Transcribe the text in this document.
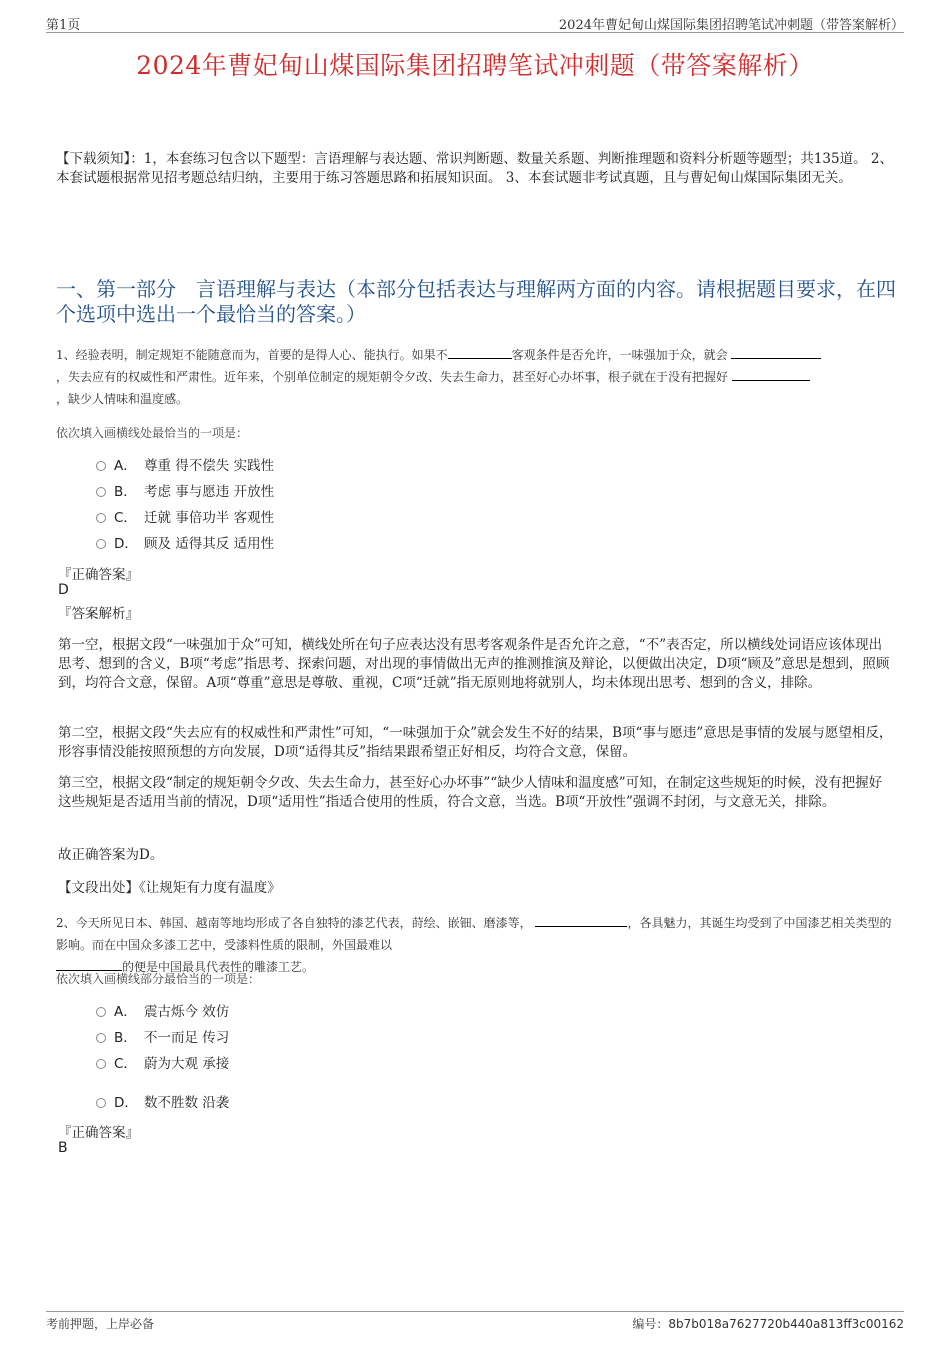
第1页	2024年曹妃甸山煤国际集团招聘笔试冲刺题（带答案解析）
2024年曹妃甸山煤国际集团招聘笔试冲刺题（带答案解析）
【下载须知】：1，本套练习包含以下题型：言语理解与表达题、常识判断题、数量关系题、判断推理题和资料分析题等题型；共135道。 2、本套试题根据常见招考题总结归纳，主要用于练习答题思路和拓展知识面。 3、本套试题非考试真题，且与曹妃甸山煤国际集团无关。
一、第一部分　言语理解与表达（本部分包括表达与理解两方面的内容。请根据题目要求，在四个选项中选出一个最恰当的答案。）
1、经验表明，制定规矩不能随意而为，首要的是得人心、能执行。如果不	客观条件是否允许，一味强加于众，就会
，失去应有的权威性和严肃性。近年来，个别单位制定的规矩朝令夕改、失去生命力，甚至好心办坏事，根子就在于没有把握好
，缺少人情味和温度感。
依次填入画横线处最恰当的一项是：
A． 尊重 得不偿失 实践性
B． 考虑 事与愿违 开放性
C． 迁就 事倍功半 客观性
D． 顾及 适得其反 适用性
『正确答案』
D
『答案解析』
第一空，根据文段“一味强加于众”可知，横线处所在句子应表达没有思考客观条件是否允许之意，“不”表否定，所以横线处词语应该体现出思考、想到的含义，B项“考虑”指思考、探索问题，对出现的事情做出无声的推测推演及辩论，以便做出决定，D项“顾及”意思是想到，照顾到，均符合文意，保留。A项“尊重”意思是尊敬、重视，C项“迁就”指无原则地将就别人，均未体现出思考、想到的含义，排除。
第二空，根据文段“失去应有的权威性和严肃性”可知，“一味强加于众”就会发生不好的结果，B项“事与愿违”意思是事情的发展与愿望相反，形容事情没能按照预想的方向发展，D项“适得其反”指结果跟希望正好相反，均符合文意，保留。
第三空，根据文段“制定的规矩朝令夕改、失去生命力，甚至好心办坏事”“缺少人情味和温度感”可知，在制定这些规矩的时候，没有把握好这些规矩是否适用当前的情况，D项“适用性”指适合使用的性质，符合文意，当选。B项“开放性”强调不封闭，与文意无关，排除。
故正确答案为D。
【文段出处】《让规矩有力度有温度》
2、今天所见日本、韩国、越南等地均形成了各自独特的漆艺代表，莳绘、嵌钿、磨漆等，	，各具魅力，其诞生均受到了中国漆艺相关类型的影响。而在中国众多漆工艺中，受漆料性质的限制，外国最难以
的便是中国最具代表性的雕漆工艺。
依次填入画横线部分最恰当的一项是：
A． 震古烁今 效仿
B． 不一而足 传习
C． 蔚为大观 承接
D． 数不胜数 沿袭
『正确答案』
B
考前押题，上岸必备	编号：8b7b018a7627720b440a813ff3c00162
